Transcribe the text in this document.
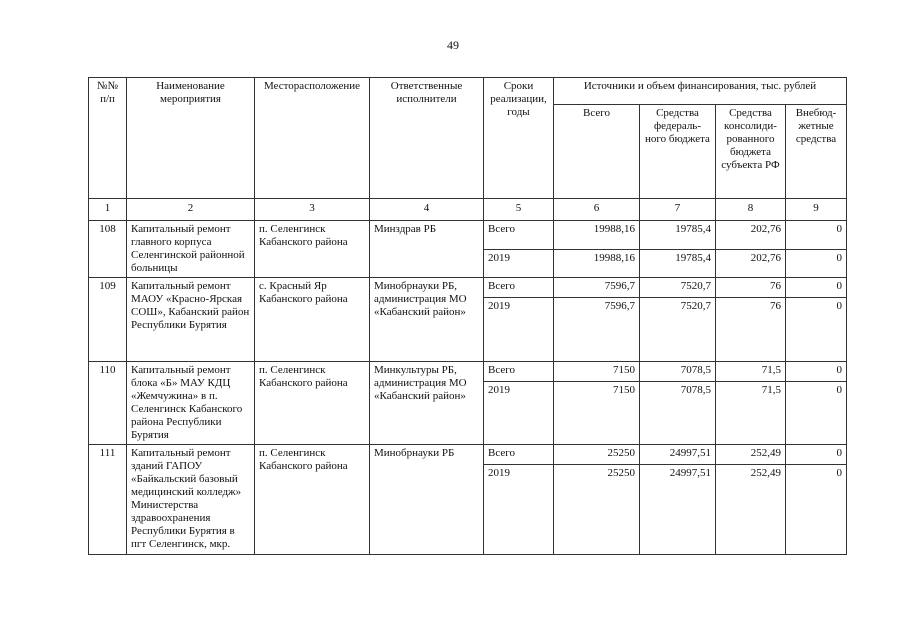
49
№№ п/п	Наименование мероприятия	Месторасположение	Ответственные исполнители	Сроки реализации, годы	Источники и объем финансирования, тыс. рублей			
					Всего	Средства федераль-ного бюджета	Средства консолиди-рованного бюджета субъекта РФ	Внебюд-жетные средства
1	2	3	4	5	6	7	8	9
108	Капитальный ремонт главного корпуса Селенгинской районной больницы	п. Селенгинск Кабанского района	Минздрав РБ	Всего	19988,16	19785,4	202,76	0
				2019	19988,16	19785,4	202,76	0
109	Капитальный ремонт МАОУ «Красно-Ярская СОШ», Кабанский район Республики Бурятия	с. Красный Яр Кабанского района	Минобрнауки РБ, администрация МО «Кабанский район»	Всего	7596,7	7520,7	76	0
				2019	7596,7	7520,7	76	0
110	Капитальный ремонт блока «Б» МАУ КДЦ «Жемчужина» в п. Селенгинск Кабанского района Республики Бурятия	п. Селенгинск Кабанского района	Минкультуры РБ, администрация МО «Кабанский район»	Всего	7150	7078,5	71,5	0
				2019	7150	7078,5	71,5	0
111	Капитальный ремонт зданий ГАПОУ «Байкальский базовый медицинский колледж» Министерства здравоохранения Республики Бурятия в пгт Селенгинск, мкр.	п. Селенгинск Кабанского района	Минобрнауки РБ	Всего	25250	24997,51	252,49	0
				2019	25250	24997,51	252,49	0
